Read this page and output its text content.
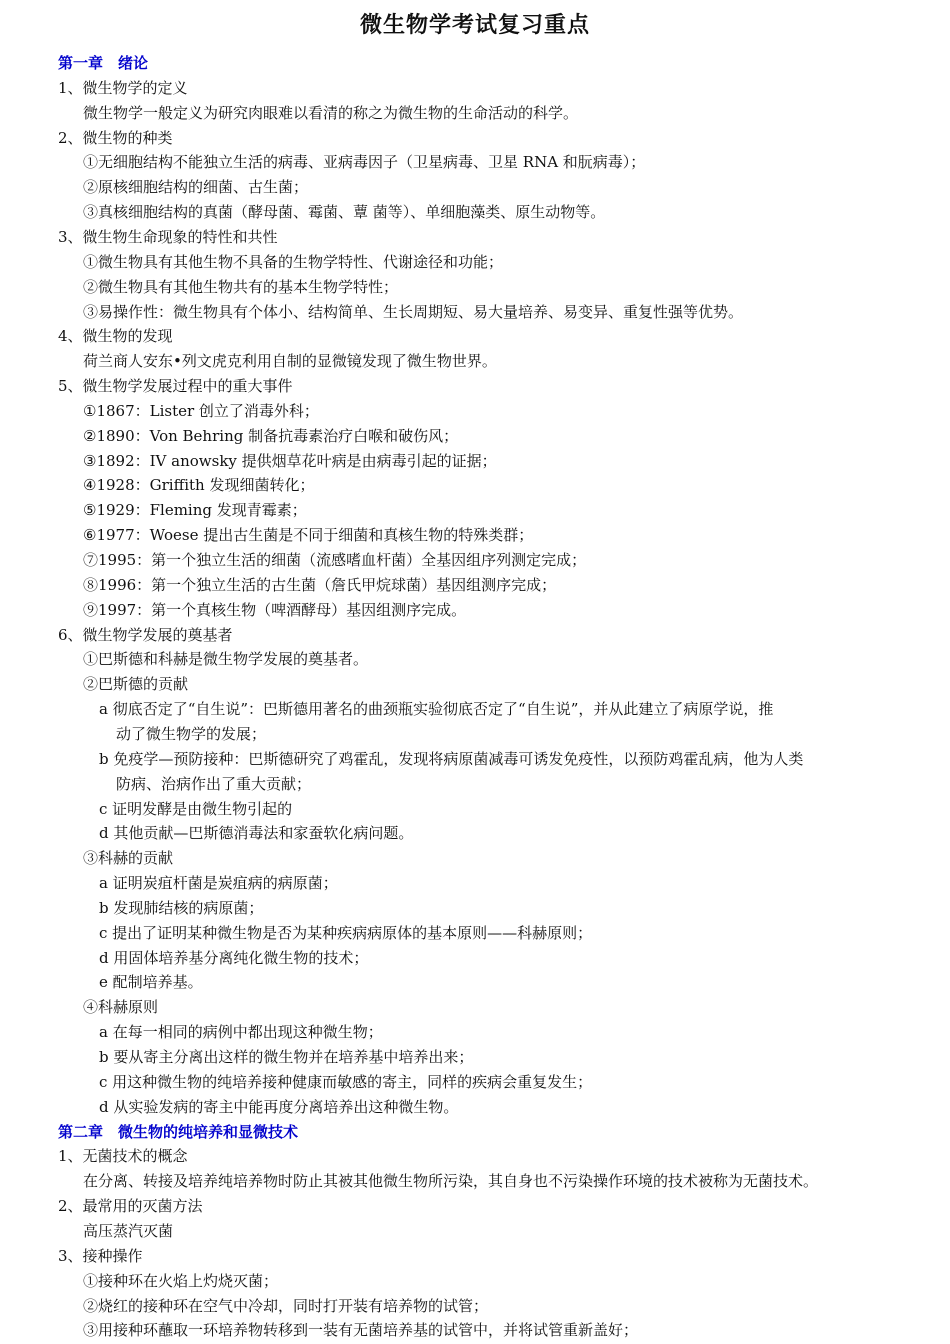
微生物学考试复习重点
第一章　绪论
1、微生物学的定义
微生物学一般定义为研究肉眼难以看清的称之为微生物的生命活动的科学。
2、微生物的种类
①无细胞结构不能独立生活的病毒、亚病毒因子（卫星病毒、卫星 RNA 和朊病毒）；
②原核细胞结构的细菌、古生菌；
③真核细胞结构的真菌（酵母菌、霉菌、蕈 菌等）、单细胞藻类、原生动物等。
3、微生物生命现象的特性和共性
①微生物具有其他生物不具备的生物学特性、代谢途径和功能；
②微生物具有其他生物共有的基本生物学特性；
③易操作性：微生物具有个体小、结构简单、生长周期短、易大量培养、易变异、重复性强等优势。
4、微生物的发现
荷兰商人安东•列文虎克利用自制的显微镜发现了微生物世界。
5、微生物学发展过程中的重大事件
①1867：Lister 创立了消毒外科；
②1890：Von Behring 制备抗毒素治疗白喉和破伤风；
③1892：IV anowsky 提供烟草花叶病是由病毒引起的证据；
④1928：Griffith 发现细菌转化；
⑤1929：Fleming 发现青霉素；
⑥1977：Woese 提出古生菌是不同于细菌和真核生物的特殊类群；
⑦1995：第一个独立生活的细菌（流感嗜血杆菌）全基因组序列测定完成；
⑧1996：第一个独立生活的古生菌（詹氏甲烷球菌）基因组测序完成；
⑨1997：第一个真核生物（啤酒酵母）基因组测序完成。
6、微生物学发展的奠基者
①巴斯德和科赫是微生物学发展的奠基者。
②巴斯德的贡献
a 彻底否定了“自生说”：巴斯德用著名的曲颈瓶实验彻底否定了“自生说”，并从此建立了病原学说，推
动了微生物学的发展；
b 免疫学—预防接种：巴斯德研究了鸡霍乱，发现将病原菌减毒可诱发免疫性，以预防鸡霍乱病，他为人类
防病、治病作出了重大贡献；
c 证明发酵是由微生物引起的
d 其他贡献—巴斯德消毒法和家蚕软化病问题。
③科赫的贡献
a 证明炭疽杆菌是炭疽病的病原菌；
b 发现肺结核的病原菌；
c 提出了证明某种微生物是否为某种疾病病原体的基本原则——科赫原则；
d 用固体培养基分离纯化微生物的技术；
e 配制培养基。
④科赫原则
a 在每一相同的病例中都出现这种微生物；
b 要从寄主分离出这样的微生物并在培养基中培养出来；
c 用这种微生物的纯培养接种健康而敏感的寄主，同样的疾病会重复发生；
d 从实验发病的寄主中能再度分离培养出这种微生物。
第二章　微生物的纯培养和显微技术
1、无菌技术的概念
在分离、转接及培养纯培养物时防止其被其他微生物所污染，其自身也不污染操作环境的技术被称为无菌技术。
2、最常用的灭菌方法
高压蒸汽灭菌
3、接种操作
①接种环在火焰上灼烧灭菌；
②烧红的接种环在空气中冷却，同时打开装有培养物的试管；
③用接种环蘸取一环培养物转移到一装有无菌培养基的试管中，并将试管重新盖好；
